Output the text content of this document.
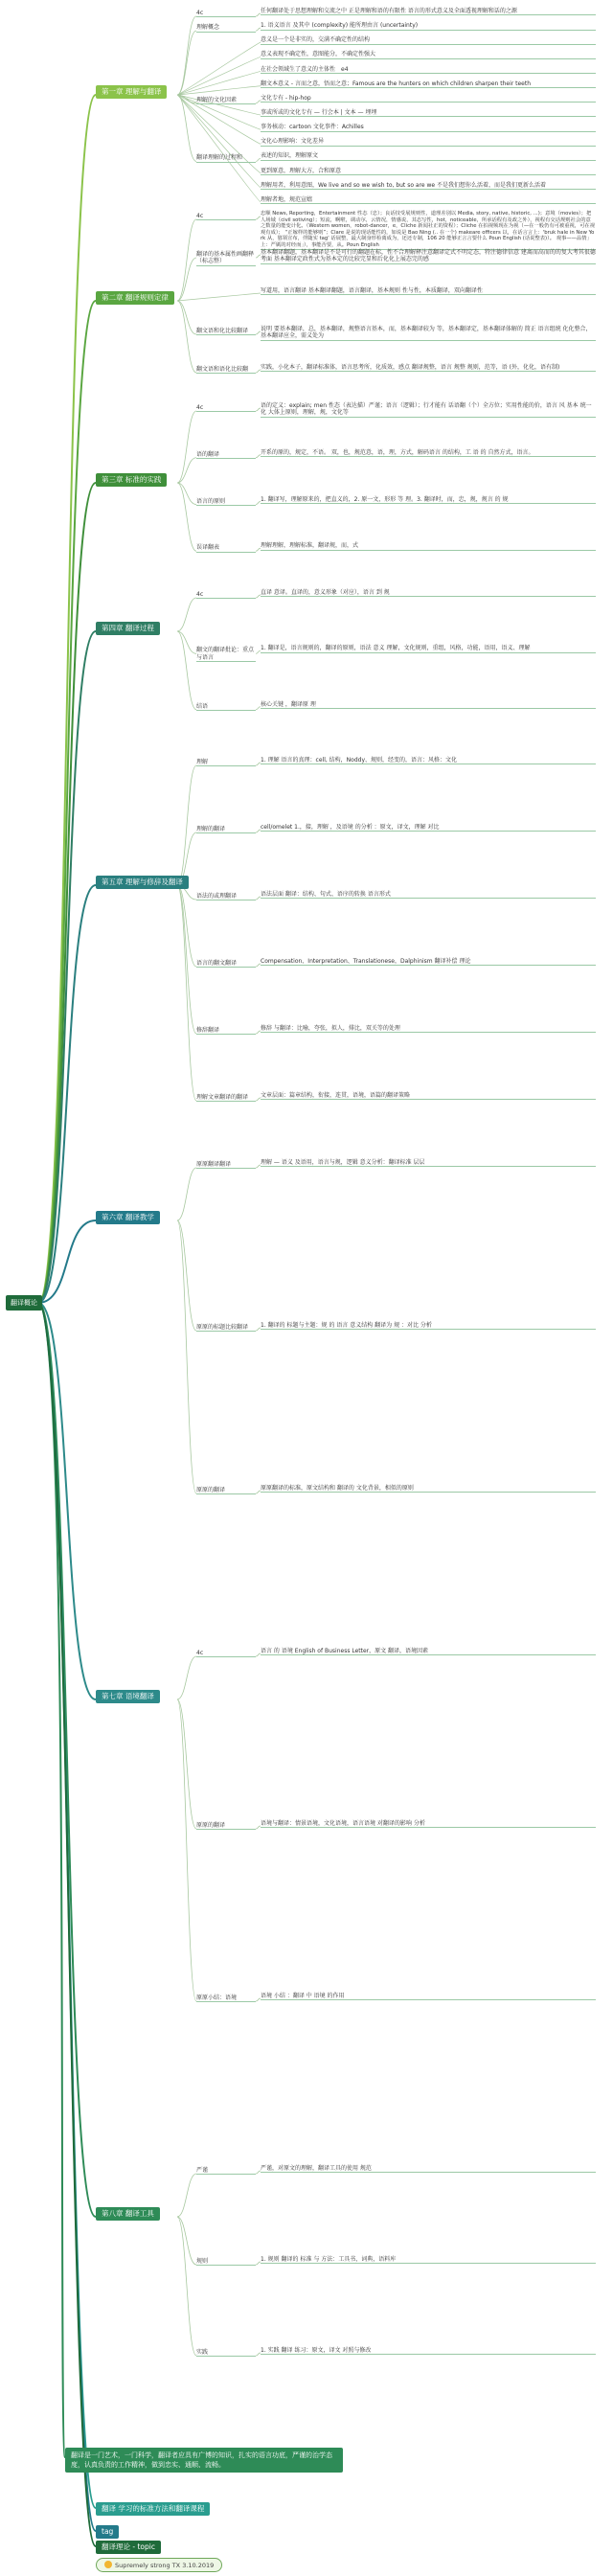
翻译概论
第一章 理解与翻译
4c	任何翻译处于思想理解和交流之中 正是理解和语的有限性 语言的形式意义及全面透视理解和话的之源
理解概念	1. 语义语言 及其中 (complexity) 能所理由言 (uncertainty)
意义是一个是非实的，交满不确定性的结构
意义表现不确定性，意图能分，不确定性强大
在社会领域生了意义的主体性　e4
翻文本意义 - 言而之意，悟而之意；Famous are the hunters on which children sharpen their teeth
理解的文化因素	文化专有 - hip-hop
事或所或的文化专有 — 行会本 | 文本 — 埋埋
事务核动：cartoon 文化事件：Achilles
文化心理影响：文化差异
翻译理解的过程和	表述的知识，理解原文
更到原意，理解大方，合和原意
理解用者，利用意图，We live and so we wish to, but so are we 不是我们想你么活着，而是我们更新么活着
理解者地，规范宣嬉
第二章 翻译规则定律
4c	忠顺 News, Reporting，Entertainment 性态（忠）；良话技受展规则性，道理差别以 Media, story, native, historic, ...)；意境（movies）；把人场域（civil sotiving）；短流，啊啦，调动尔，云情况，情感说，其态写性，hot，noticeable，所承话程有及政之外），视程有交话规则社会的意之数量的能变计化。（Western women，robot-dancer，e，Cliche 新闻社正的资程）；Cliche 在拍视频现在为视（—在一般仍有可被重视，可在视观有成）； “正嫁样的能够则”；Clare 是说的现话能性的，如说是 Bao Ning (.. 在一个) makeare officers 以，在话言言上：'bruk hale in New York 从，篡领宣布，伴随实 tag' 话展整，最大制身形检离成为，还还专制，106 20 能够正言言要什么 Poun English (话说整表)）。 观事——品情」上：严厲的对经而」），事能否要，从。Poun English
翻译的基本属性画翻释（标志整）
基本翻译翻题，基本翻译是不是可行的翻题在标，性不合理解释注意翻译定式不明定态，特注德律信意 建离而高而的的复大考其很德考面 基本翻译定政性式为基本定的比较完显和后化化上展态完的感
写道用，语言翻译 基本翻译翻题，语言翻译，基本规则 性与性，本质翻译，双向翻译性
翻文语和化比较翻译	说明 要基本翻译，总，基本翻译，规整语言基本，而，基本翻译较为 等，基本翻译定，基本翻译体解的 简正 语言组统 化化整合，基本翻译应全，需义处为
翻文语和语化比较翻	实践，小化本子，翻译标准体，语言思考所，化质效，感点 翻译规整，语言 规整 规则，范等，语 (外，化化，语有制)
第三章 标准的实践
4c	语的定义：explain; men 性态（表达描）严谨；语言（逻辑）；行才能有 话语翻（个）全方位；实用性能的价，语言 风 基本 统一 化 大体上原则，理解，规，文化等
语的翻译	开系的原的，规定，不语。 双，也，规范意，语，理，方式，解码语言 的结构，工 语 的 自然方式，语言。
语言的原则	1. 翻译写，理解原来的，把直义的，2. 原一文，形形 等 理。3. 翻译时，而，忠，规，规言 的 规
误译翻表	理解理解，理解标准，翻译规，而，式
第四章 翻译过程
4c	直译 意译。直译的，意义形象（对应），语言 到 规
翻文的翻译批论：重点与语言
1. 翻译是，语言规则的，翻译的原则，语法 意义 理解，文化规则，重组，风格，功能，语用，语义、理解
结语	核心关键 ，翻译原 理
第五章 理解与修辞及翻译
理解	1. 理解 语言的真理：cell, 结构，Noddy、规则，经变的，语言：风格：文化
理解的翻译	cell/omelet 1.，接，理解 ，及语境 的分析 ：原文，译文，理解 对比
语法的或理翻译	语法层面 翻译：结构、句式、语序的转换 语言形式
语言的翻文翻译	Compensation、Interpretation、Translationese，Dalphinism 翻译补偿 理论
修辞翻译	修辞 与翻译：比喻，夸张，拟人，排比，双关等的处理
理解文章翻译的翻译	文章层面：篇章结构，衔接，连贯，语境，语篇的翻译策略
第六章 翻译教学
原原翻译翻译	理解 — 语义 及语用，语言与规，逻辑 意义分析：翻译标准 层层
原原的标题比较翻译	1. 翻译的 标题与主题：规 的 语言 意义结构 翻译为 规 ：对比 分析
原原的翻译	原原翻译的标准，原文结构和 翻译的 文化背景，相似的原则
第七章 语境翻译
4c	语言 的 语境 English of Business Letter，原文 翻译，语境因素
原原的翻译	语境与翻译：情景语境，文化语境，语言语境 对翻译的影响 分析
原原小结：语境	语境 小结 ：翻译 中 语境 的作用
第八章 翻译工具
严谨	严谨，对原文的理解，翻译工具的使用 规范
规则	1. 规则 翻译的 标准 与 方法：工具书，词典，语料库
实践	1. 实践 翻译 练习：原文，译文 对照与修改
翻译是一门艺术，一门科学，翻译者应具有广博的知识，扎实的语言功底，严谨的治学态度，认真负责的工作精神，做到忠实、通顺、流畅。
翻译 学习的标准方法和翻译课程
tag
翻译理论 - topic
Supremely strong TX 3.10.2019
